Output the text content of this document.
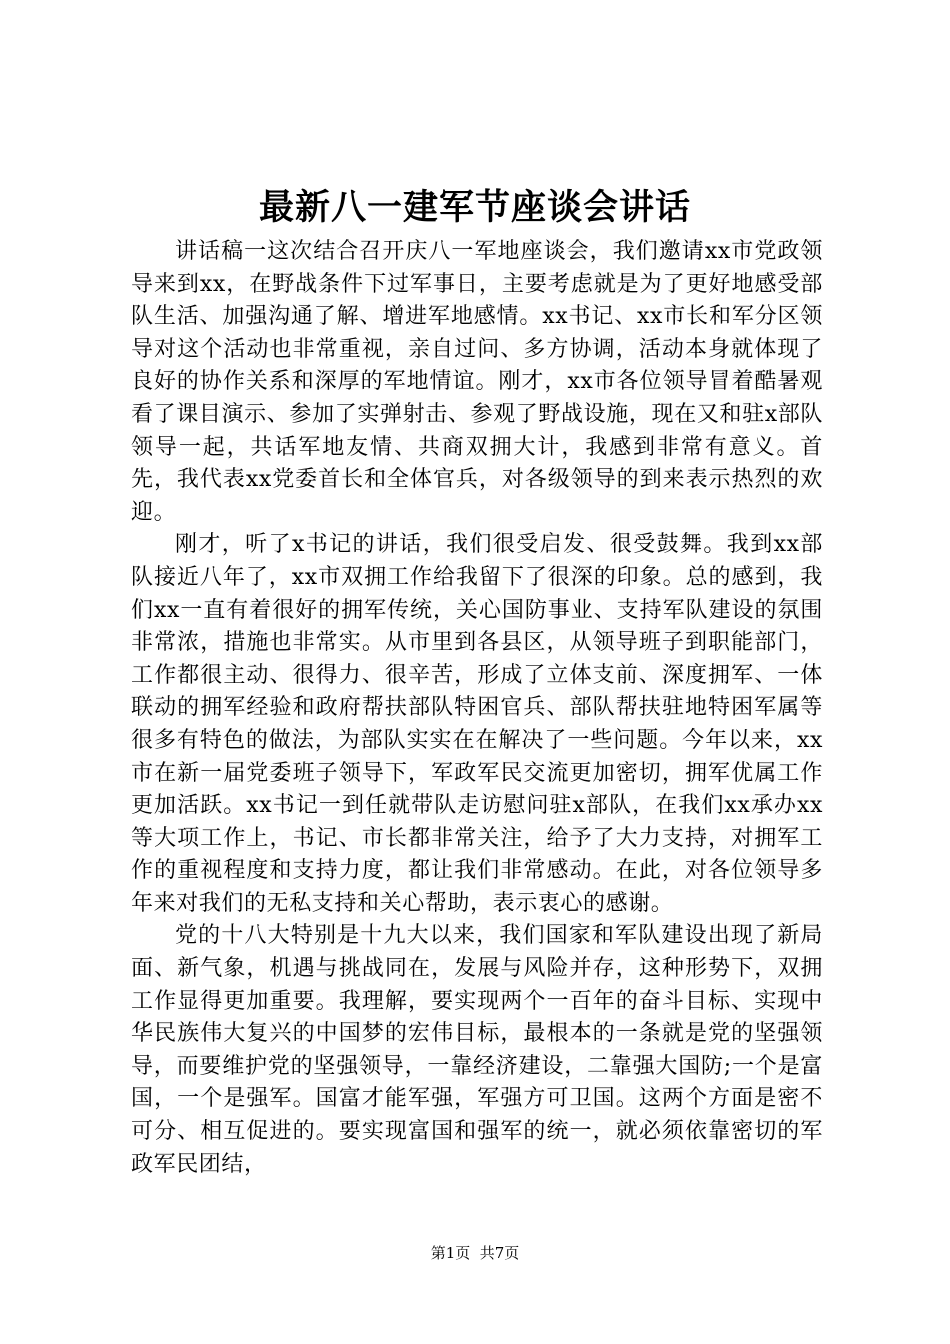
最新八一建军节座谈会讲话

讲话稿一这次结合召开庆八一军地座谈会，我们邀请xx市党政领导来到xx，在野战条件下过军事日，主要考虑就是为了更好地感受部队生活、加强沟通了解、增进军地感情。xx书记、xx市长和军分区领导对这个活动也非常重视，亲自过问、多方协调，活动本身就体现了良好的协作关系和深厚的军地情谊。刚才，xx市各位领导冒着酷暑观看了课目演示、参加了实弹射击、参观了野战设施，现在又和驻x部队领导一起，共话军地友情、共商双拥大计，我感到非常有意义。首先，我代表xx党委首长和全体官兵，对各级领导的到来表示热烈的欢迎。

刚才，听了x书记的讲话，我们很受启发、很受鼓舞。我到xx部队接近八年了，xx市双拥工作给我留下了很深的印象。总的感到，我们xx一直有着很好的拥军传统，关心国防事业、支持军队建设的氛围非常浓，措施也非常实。从市里到各县区，从领导班子到职能部门，工作都很主动、很得力、很辛苦，形成了立体支前、深度拥军、一体联动的拥军经验和政府帮扶部队特困官兵、部队帮扶驻地特困军属等很多有特色的做法，为部队实实在在解决了一些问题。今年以来，xx市在新一届党委班子领导下，军政军民交流更加密切，拥军优属工作更加活跃。xx书记一到任就带队走访慰问驻x部队，在我们xx承办xx等大项工作上，书记、市长都非常关注，给予了大力支持，对拥军工作的重视程度和支持力度，都让我们非常感动。在此，对各位领导多年来对我们的无私支持和关心帮助，表示衷心的感谢。

党的十八大特别是十九大以来，我们国家和军队建设出现了新局面、新气象，机遇与挑战同在，发展与风险并存，这种形势下，双拥工作显得更加重要。我理解，要实现两个一百年的奋斗目标、实现中华民族伟大复兴的中国梦的宏伟目标，最根本的一条就是党的坚强领导，而要维护党的坚强领导，一靠经济建设，二靠强大国防;一个是富国，一个是强军。国富才能军强，军强方可卫国。这两个方面是密不可分、相互促进的。要实现富国和强军的统一，就必须依靠密切的军政军民团结，

第1页  共7页
